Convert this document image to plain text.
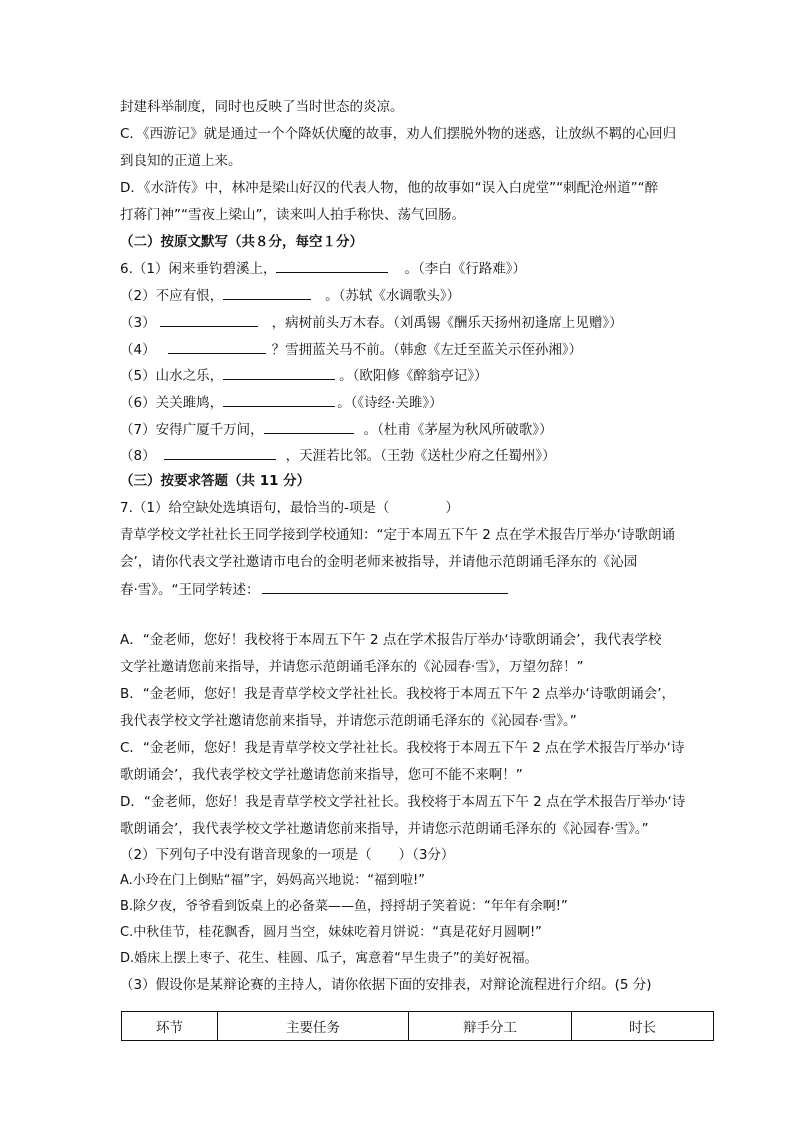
封建科举制度，同时也反映了当时世态的炎凉。
C．《西游记》就是通过一个个降妖伏魔的故事，劝人们摆脱外物的迷惑，让放纵不羁的心回归
到良知的正道上来。
D．《水浒传》中，林冲是梁山好汉的代表人物，他的故事如“误入白虎堂”“刺配沧州道”“醉
打蒋门神”“雪夜上梁山”，读来叫人拍手称快、荡气回肠。
（二）按原文默写（共８分，每空１分）
6.（1）闲来垂钓碧溪上，	。（李白《行路难》）
（2）不应有恨，	。（苏轼《水调歌头》）
（3）	，病树前头万木春。（刘禹锡《酬乐天扬州初逢席上见赠》）
（4）	？雪拥蓝关马不前。（韩愈《左迁至蓝关示侄孙湘》）
（5）山水之乐，	。（欧阳修《醉翁亭记》）
（6）关关雎鸠，	。（《诗经·关雎》）
（7）安得广厦千万间，	。（杜甫《茅屋为秋风所破歌》）
（8）	，天涯若比邻。（王勃《送杜少府之任蜀州》）
（三）按要求答题（共 11 分）
7.（1）给空缺处选填语句，最恰当的-项是（	）
青草学校文学社社长王同学接到学校通知：“定于本周五下午 2 点在学术报告厅举办‘诗歌朗诵
会’，请你代表文学社邀请市电台的金明老师来被指导，并请他示范朗诵毛泽东的《沁园
春·雪》。“王同学转述：
A．“金老师，您好！我校将于本周五下午 2 点在学术报告厅举办‘诗歌朗诵会’，我代表学校
文学社邀请您前来指导，并请您示范朗诵毛泽东的《沁园春·雪》，万望勿辞！”
B．“金老师，您好！我是青草学校文学社社长。我校将于本周五下午 2 点举办‘诗歌朗诵会’，
我代表学校文学社邀请您前来指导，并请您示范朗诵毛泽东的《沁园春·雪》。”
C．“金老师，您好！我是青草学校文学社社长。我校将于本周五下午 2 点在学术报告厅举办‘诗
歌朗诵会’，我代表学校文学社邀请您前来指导，您可不能不来啊！”
D．“金老师，您好！我是青草学校文学社社长。我校将于本周五下午 2 点在学术报告厅举办‘诗
歌朗诵会’，我代表学校文学社邀请您前来指导，并请您示范朗诵毛泽东的《沁园春·雪》。”
（2）下列句子中没有谐音现象的一项是（　　）（3分）
A.小玲在门上倒贴“福”字，妈妈高兴地说：“福到啦!”
B.除夕夜，爷爷看到饭桌上的必备菜——鱼，捋捋胡子笑着说：“年年有余啊!”
C.中秋佳节，桂花飘香，圆月当空，妹妹吃着月饼说：“真是花好月圆啊!”
D.婚床上摆上枣子、花生、桂圆、瓜子，寓意着“早生贵子”的美好祝福。
（3）假设你是某辩论赛的主持人，请你依据下面的安排表，对辩论流程进行介绍。(5 分)
环节	主要任务	辩手分工	时长
